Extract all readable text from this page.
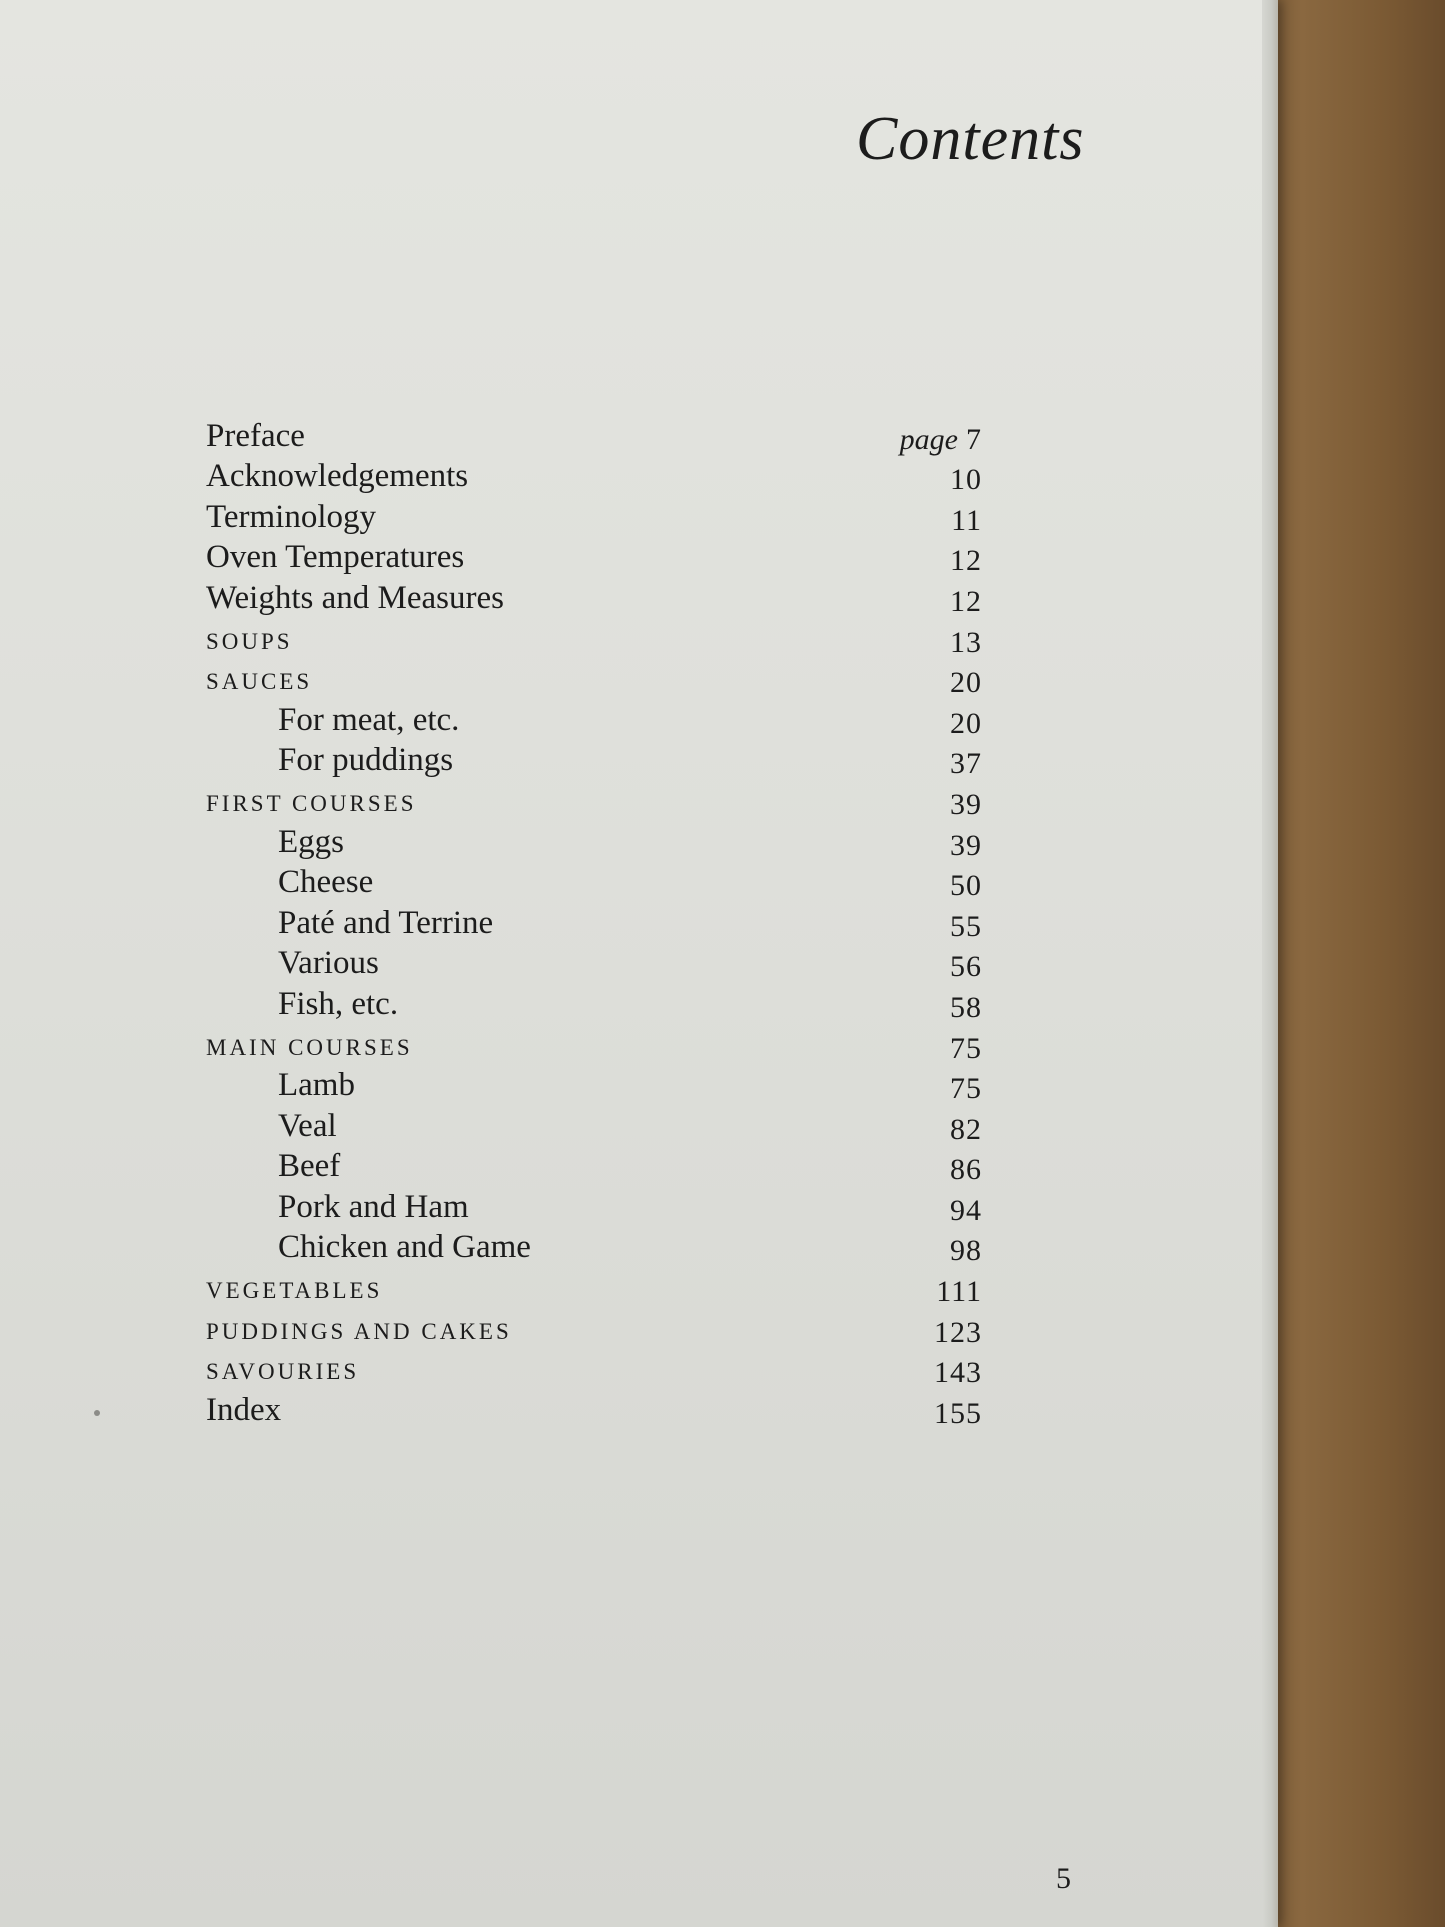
Contents
Preface	page 7
Acknowledgements	10
Terminology	11
Oven Temperatures	12
Weights and Measures	12
SOUPS	13
SAUCES	20
For meat, etc.	20
For puddings	37
FIRST COURSES	39
Eggs	39
Cheese	50
Paté and Terrine	55
Various	56
Fish, etc.	58
MAIN COURSES	75
Lamb	75
Veal	82
Beef	86
Pork and Ham	94
Chicken and Game	98
VEGETABLES	111
PUDDINGS AND CAKES	123
SAVOURIES	143
Index	155
5
